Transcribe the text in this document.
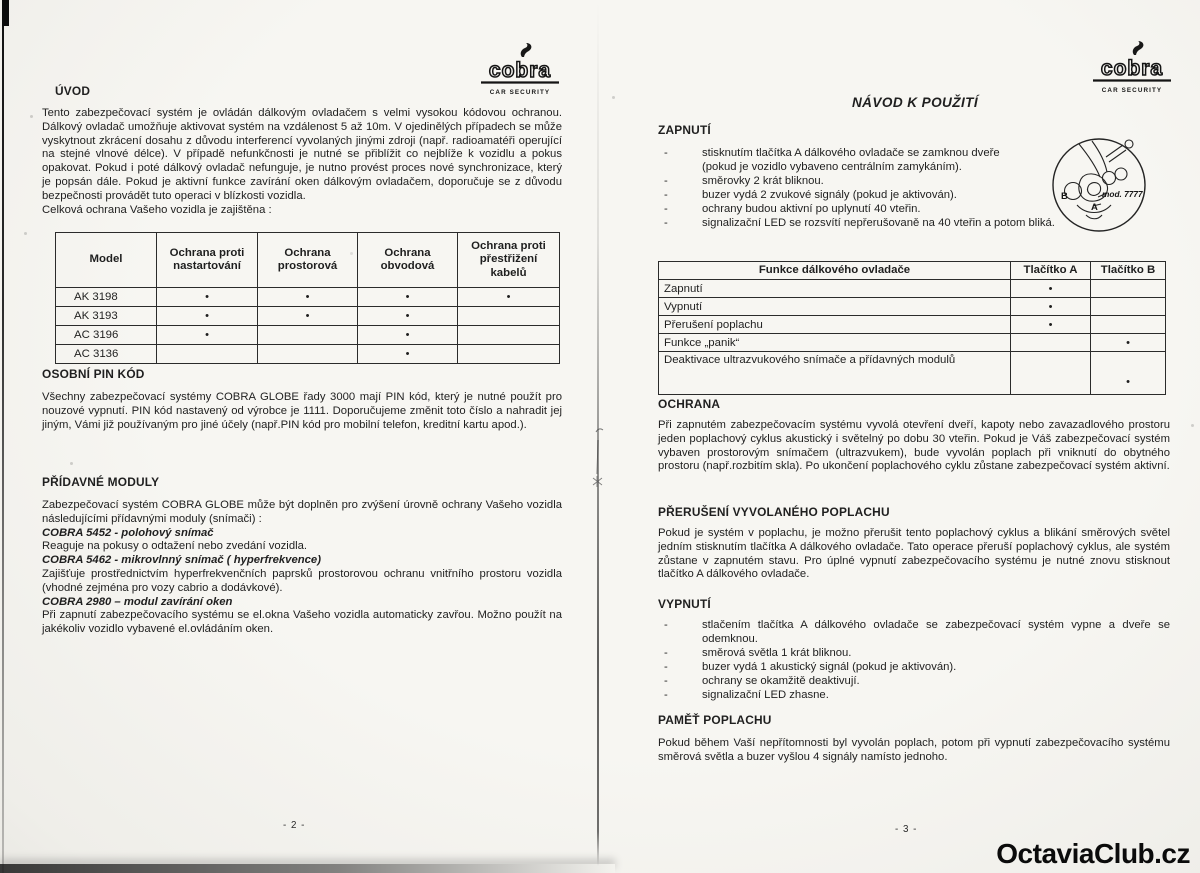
cobra
CAR SECURITY
ÚVOD

Tento zabezpečovací systém je ovládán dálkovým ovladačem s velmi vysokou kódovou ochranou. Dálkový ovladač umožňuje aktivovat systém na vzdálenost 5 až 10m. V ojedinělých případech se může vyskytnout zkrácení dosahu z důvodu interferencí vyvolaných jinými zdroji (např. radioamatéři operující na stejné vlnové délce). V případě nefunkčnosti je nutné se přiblížit co nejblíže k vozidlu a pokus opakovat. Pokud i poté dálkový ovladač nefunguje, je nutno provést proces nové synchronizace, který je popsán dále. Pokud je aktivní funkce zavírání oken dálkovým ovladačem, doporučuje se z důvodu bezpečnosti provádět tuto operaci v blízkosti vozidla.

Celková ochrana Vašeho vozidla je zajištěna :

Model	Ochrana proti nastartování	Ochrana prostorová	Ochrana obvodová	Ochrana proti přestřižení kabelů
AK 3198	•	•	•	•
AK 3193	•	•	•	
AC 3196	•		•	
AC 3136			•	
OSOBNÍ PIN KÓD

Všechny zabezpečovací systémy COBRA GLOBE řady 3000 mají PIN kód, který je nutné použít pro nouzové vypnutí. PIN kód nastavený od výrobce je 1111. Doporučujeme změnit toto číslo a nahradit jej jiným, Vámi již používaným pro jiné účely (např.PIN kód pro mobilní telefon, kreditní kartu apod.).

PŘÍDAVNÉ MODULY

Zabezpečovací systém COBRA GLOBE může být doplněn pro zvýšení úrovně ochrany Vašeho vozidla následujícími přídavnými moduly (snímači) :

COBRA 5452 - polohový snímač

Reaguje na pokusy o odtažení nebo zvedání vozidla.

COBRA 5462 - mikrovlnný snímač ( hyperfrekvence)

Zajišťuje prostřednictvím hyperfrekvenčních paprsků prostorovou ochranu vnitřního prostoru vozidla (vhodné zejména pro vozy cabrio a dodávkové).

COBRA 2980 – modul zavírání oken

Při zapnutí zabezpečovacího systému se el.okna Vašeho vozidla automaticky zavřou. Možno použít na jakékoliv vozidlo vybavené el.ovládáním oken.

- 2 -
cobra
CAR SECURITY
NÁVOD K POUŽITÍ
ZAPNUTÍ
- stisknutím tlačítka A dálkového ovladače se zamknou dveře
(pokud je vozidlo vybaveno centrálním zamykáním).
- směrovky 2 krát bliknou.
- buzer vydá 2 zvukové signály (pokud je aktivován).
- ochrany budou aktivní po uplynutí 40 vteřin.
- signalizační LED se rozsvítí nepřerušovaně na 40 vteřin a potom bliká.
B
A
mod. 7777
Funkce dálkového ovladače	Tlačítko A	Tlačítko B
Zapnutí	•	
Vypnutí	•	
Přerušení poplachu	•	
Funkce „panik“		•
Deaktivace ultrazvukového snímače a přídavných modulů		•
OCHRANA

Při zapnutém zabezpečovacím systému vyvolá otevření dveří, kapoty nebo zavazadlového prostoru jeden poplachový cyklus akustický i světelný po dobu 30 vteřin. Pokud je Váš zabezpečovací systém vybaven prostorovým snímačem (ultrazvukem), bude vyvolán poplach při vniknutí do obytného prostoru (např.rozbitím skla). Po ukončení poplachového cyklu zůstane zabezpečovací systém aktivní.

PŘERUŠENÍ VYVOLANÉHO POPLACHU

Pokud je systém v poplachu, je možno přerušit tento poplachový cyklus a blikání směrových světel jedním stisknutím tlačítka A dálkového ovladače. Tato operace přeruší poplachový cyklus, ale systém zůstane v zapnutém stavu. Pro úplné vypnutí zabezpečovacího systému je nutné znovu stisknout tlačítko A dálkového ovladače.

VYPNUTÍ
- stlačením tlačítka A dálkového ovladače se zabezpečovací systém vypne a dveře se odemknou.
- směrová světla 1 krát bliknou.
- buzer vydá 1 akustický signál (pokud je aktivován).
- ochrany se okamžitě deaktivují.
- signalizační LED zhasne.
PAMĚŤ POPLACHU

Pokud během Vaší nepřítomnosti byl vyvolán poplach, potom při vypnutí zabezpečovacího systému směrová světla a buzer vyšlou 4 signály namísto jednoho.

- 3 -
OctaviaClub.cz
